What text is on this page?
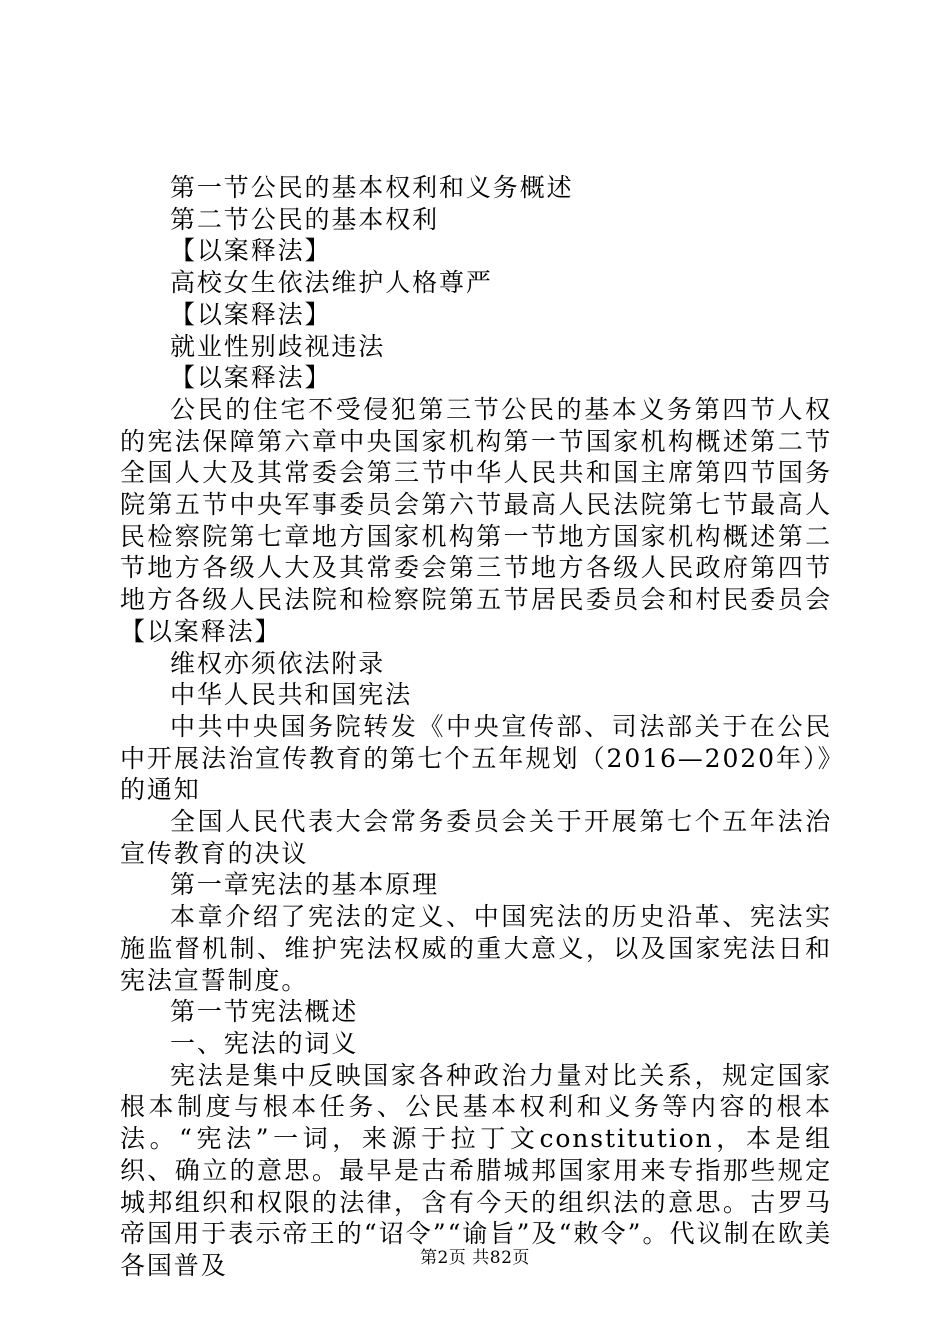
第一节公民的基本权利和义务概述

第二节公民的基本权利

【以案释法】

高校女生依法维护人格尊严

【以案释法】

就业性别歧视违法

【以案释法】

公民的住宅不受侵犯第三节公民的基本义务第四节人权的宪法保障第六章中央国家机构第一节国家机构概述第二节全国人大及其常委会第三节中华人民共和国主席第四节国务院第五节中央军事委员会第六节最高人民法院第七节最高人民检察院第七章地方国家机构第一节地方国家机构概述第二节地方各级人大及其常委会第三节地方各级人民政府第四节地方各级人民法院和检察院第五节居民委员会和村民委员会【以案释法】

维权亦须依法附录

中华人民共和国宪法

中共中央国务院转发《中央宣传部、司法部关于在公民中开展法治宣传教育的第七个五年规划（2016—2020年）》的通知

全国人民代表大会常务委员会关于开展第七个五年法治宣传教育的决议

第一章宪法的基本原理

本章介绍了宪法的定义、中国宪法的历史沿革、宪法实施监督机制、维护宪法权威的重大意义，以及国家宪法日和宪法宣誓制度。

第一节宪法概述

一、宪法的词义

宪法是集中反映国家各种政治力量对比关系，规定国家根本制度与根本任务、公民基本权利和义务等内容的根本法。“宪法”一词，来源于拉丁文constitution，本是组织、确立的意思。最早是古希腊城邦国家用来专指那些规定城邦组织和权限的法律，含有今天的组织法的意思。古罗马帝国用于表示帝王的“诏令”“谕旨”及“敕令”。代议制在欧美各国普及	第2页 共82页
